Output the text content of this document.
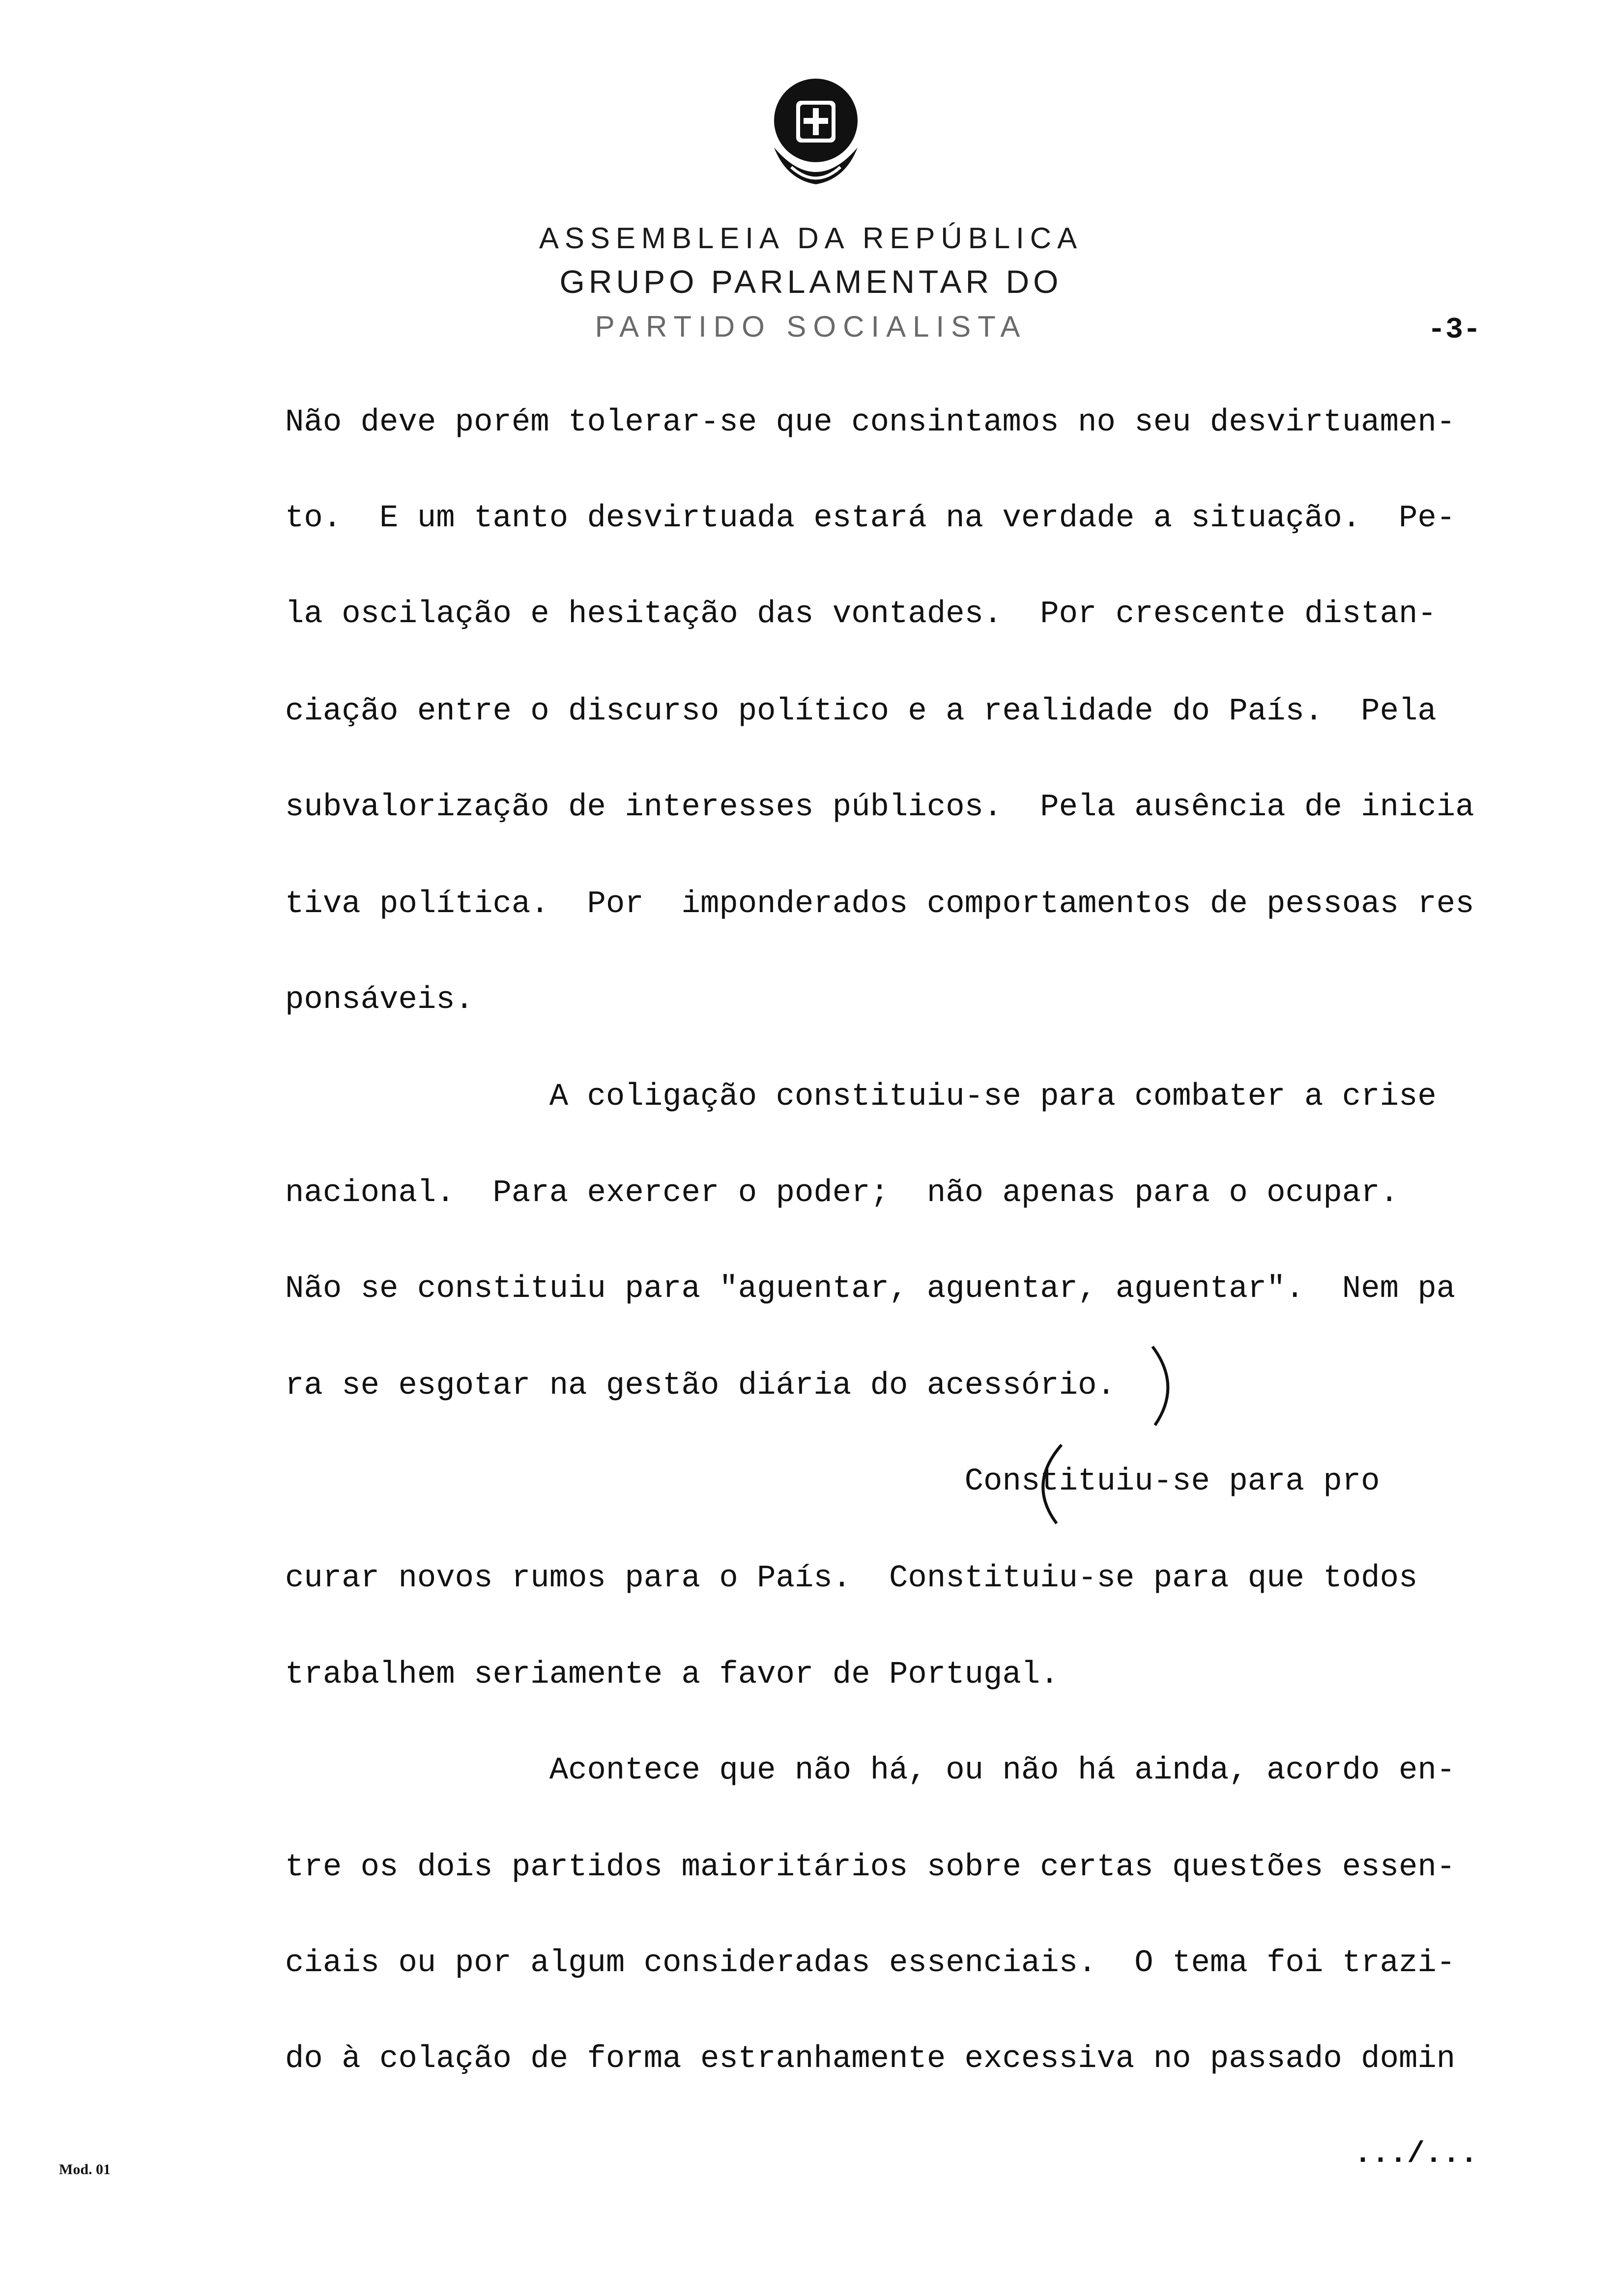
ASSEMBLEIA DA REPÚBLICA
GRUPO PARLAMENTAR DO
PARTIDO SOCIALISTA	-3-
Não deve porém tolerar-se que consintamos no seu desvirtuamen-
to.  E um tanto desvirtuada estará na verdade a situação.  Pe-
la oscilação e hesitação das vontades.  Por crescente distan-
ciação entre o discurso político e a realidade do País.  Pela
subvalorização de interesses públicos.  Pela ausência de inicia
tiva política.  Por  imponderados comportamentos de pessoas res
ponsáveis.
A coligação constituiu-se para combater a crise
nacional.  Para exercer o poder;  não apenas para o ocupar.
Não se constituiu para "aguentar, aguentar, aguentar".  Nem pa
ra se esgotar na gestão diária do acessório.
Constituiu-se para pro
curar novos rumos para o País.  Constituiu-se para que todos
trabalhem seriamente a favor de Portugal.
Acontece que não há, ou não há ainda, acordo en-
tre os dois partidos maioritários sobre certas questões essen-
ciais ou por algum consideradas essenciais.  O tema foi trazi-
do à colação de forma estranhamente excessiva no passado domin
.../...
Mod. 01
